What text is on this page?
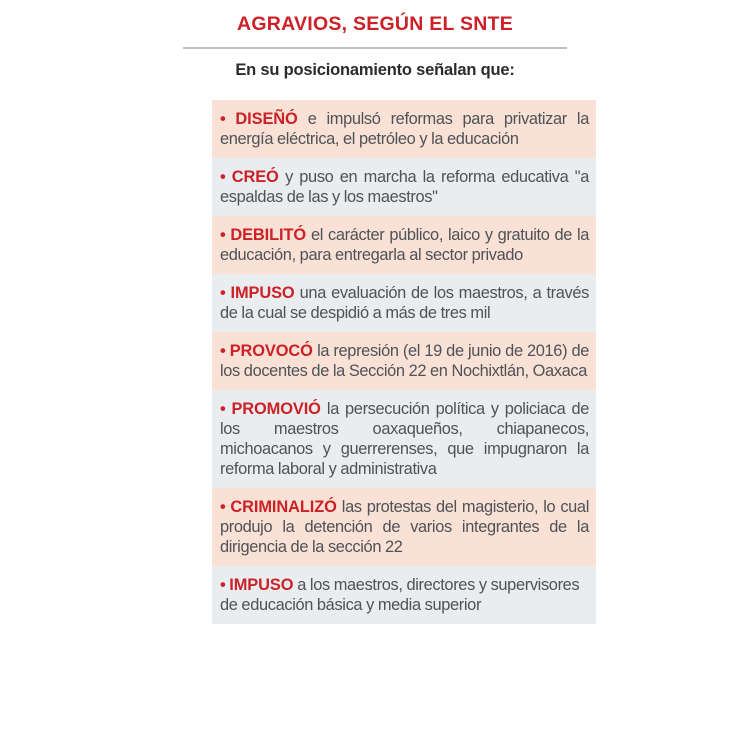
AGRAVIOS, SEGÚN EL SNTE

En su posicionamiento señalan que:

• DISEÑÓ e impulsó reformas para privatizar la energía eléctrica, el petróleo y la educación

• CREÓ y puso en marcha la reforma educativa "a espaldas de las y los maestros"

• DEBILITÓ el carácter público, laico y gratuito de la educación, para entregarla al sector privado

• IMPUSO una evaluación de los maestros, a través de la cual se despidió a más de tres mil

• PROVOCÓ la represión (el 19 de junio de 2016) de los docentes de la Sección 22 en Nochixtlán, Oaxaca

• PROMOVIÓ la persecución política y policiaca de los maestros oaxaqueños, chiapanecos, michoacanos y guerrerenses, que impugnaron la reforma laboral y administrativa

• CRIMINALIZÓ las protestas del magisterio, lo cual produjo la detención de varios integrantes de la dirigencia de la sección 22

• IMPUSO a los maestros, directores y supervisores de educación básica y media superior
